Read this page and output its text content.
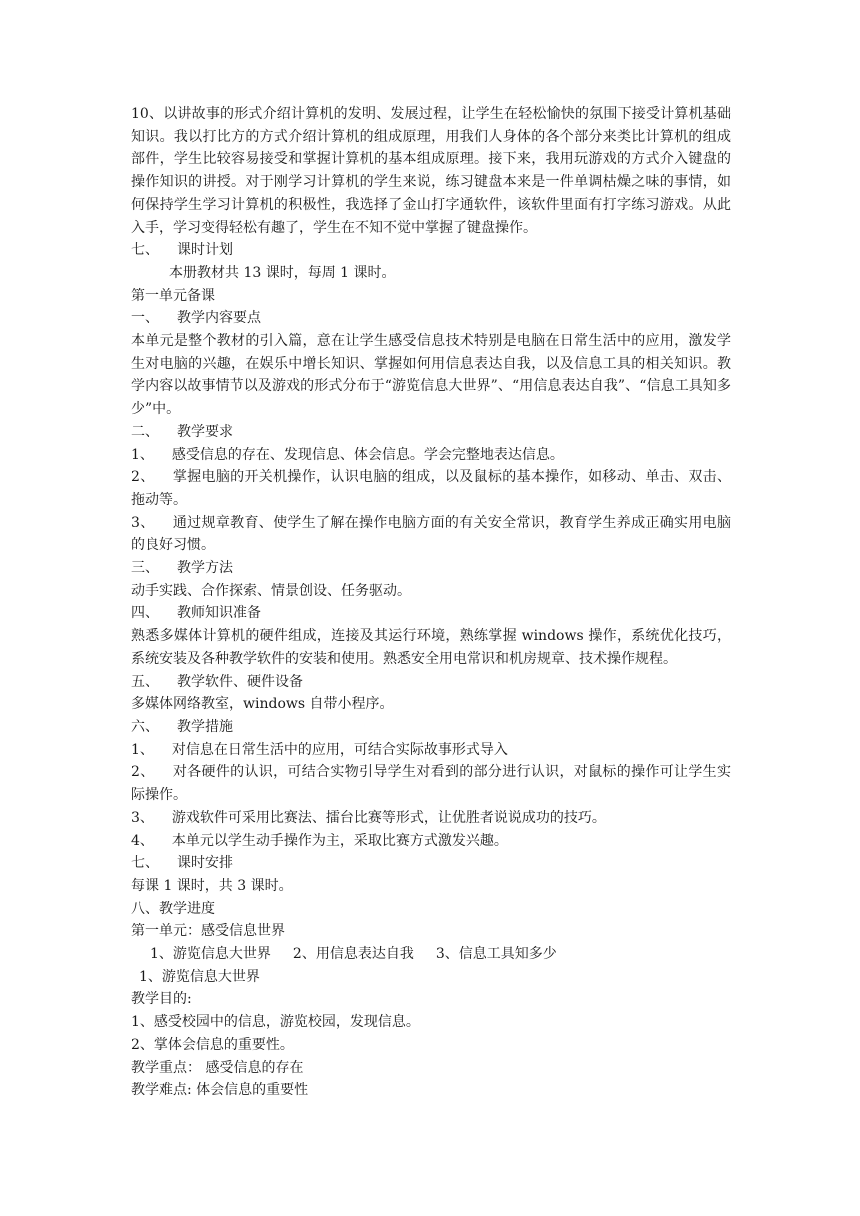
10、以讲故事的形式介绍计算机的发明、发展过程，让学生在轻松愉快的氛围下接受计算机基础知识。我以打比方的方式介绍计算机的组成原理，用我们人身体的各个部分来类比计算机的组成部件，学生比较容易接受和掌握计算机的基本组成原理。接下来，我用玩游戏的方式介入键盘的操作知识的讲授。对于刚学习计算机的学生来说，练习键盘本来是一件单调枯燥之味的事情，如何保持学生学习计算机的积极性，我选择了金山打字通软件，该软件里面有打字练习游戏。从此入手，学习变得轻松有趣了，学生在不知不觉中掌握了键盘操作。

七、 课时计划

本册教材共 13 课时，每周 1 课时。

第一单元备课

一、 教学内容要点

本单元是整个教材的引入篇，意在让学生感受信息技术特别是电脑在日常生活中的应用，激发学生对电脑的兴趣，在娱乐中增长知识、掌握如何用信息表达自我，以及信息工具的相关知识。教学内容以故事情节以及游戏的形式分布于“游览信息大世界”、“用信息表达自我”、“信息工具知多少”中。

二、 教学要求

1、 感受信息的存在、发现信息、体会信息。学会完整地表达信息。

2、 掌握电脑的开关机操作，认识电脑的组成，以及鼠标的基本操作，如移动、单击、双击、拖动等。

3、 通过规章教育、使学生了解在操作电脑方面的有关安全常识，教育学生养成正确实用电脑的良好习惯。

三、 教学方法

动手实践、合作探索、情景创设、任务驱动。

四、 教师知识准备

熟悉多媒体计算机的硬件组成，连接及其运行环境，熟练掌握 windows 操作，系统优化技巧，系统安装及各种教学软件的安装和使用。熟悉安全用电常识和机房规章、技术操作规程。

五、 教学软件、硬件设备

多媒体网络教室，windows 自带小程序。

六、 教学措施

1、 对信息在日常生活中的应用，可结合实际故事形式导入

2、 对各硬件的认识，可结合实物引导学生对看到的部分进行认识，对鼠标的操作可让学生实际操作。

3、 游戏软件可采用比赛法、擂台比赛等形式，让优胜者说说成功的技巧。

4、 本单元以学生动手操作为主，采取比赛方式激发兴趣。

七、 课时安排

每课 1 课时，共 3 课时。

八、教学进度

第一单元：感受信息世界

1、游览信息大世界 2、用信息表达自我 3、信息工具知多少

1、游览信息大世界

教学目的:

1、感受校园中的信息，游览校园，发现信息。

2、掌体会信息的重要性。

教学重点： 感受信息的存在

教学难点: 体会信息的重要性
